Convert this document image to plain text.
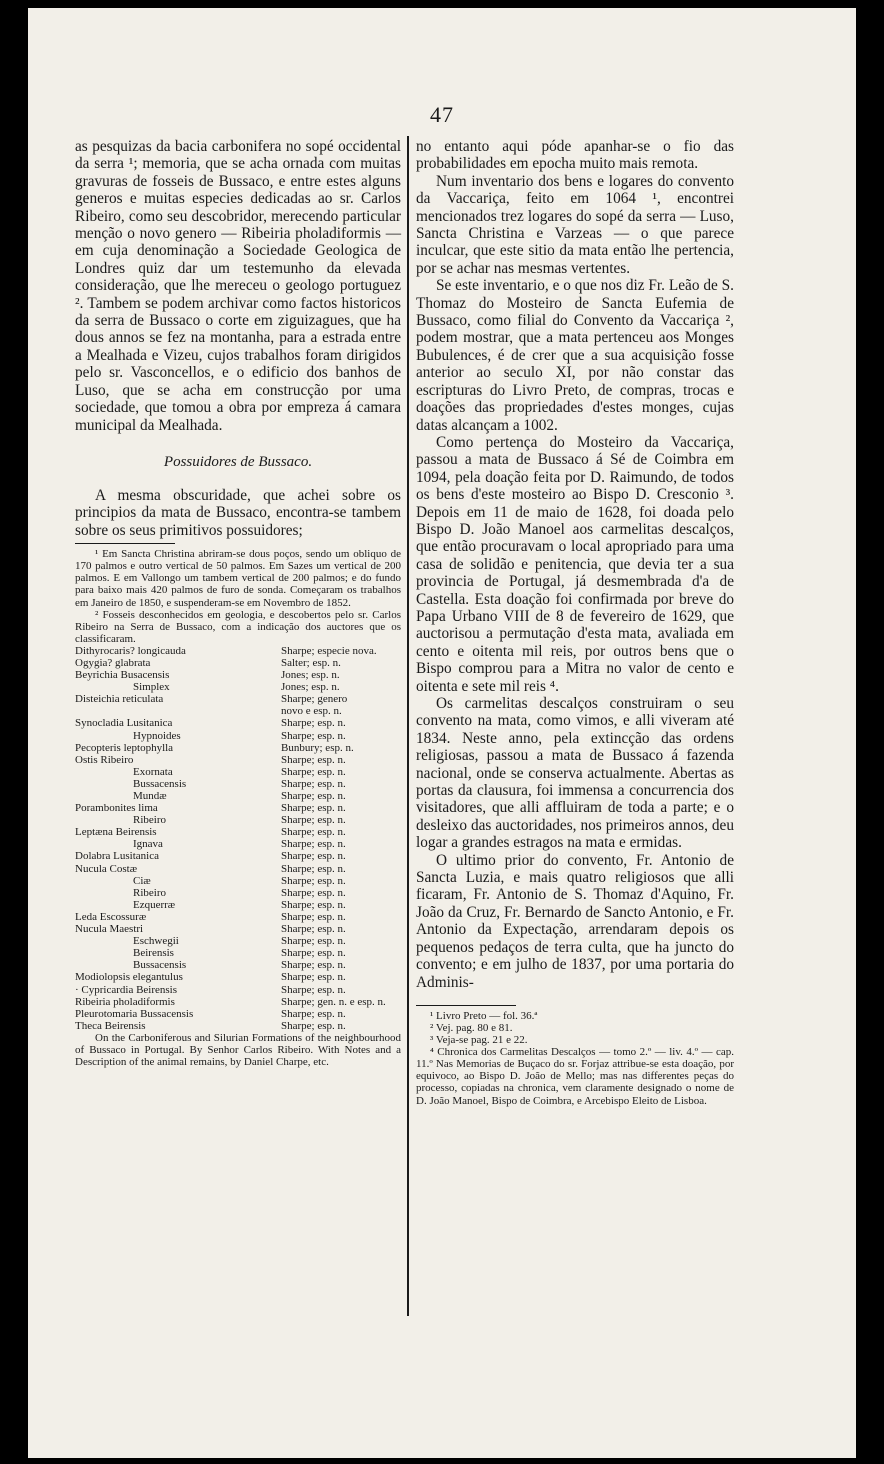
47

as pesquizas da bacia carbonifera no sopé occidental da serra ¹; memoria, que se acha ornada com muitas gravuras de fosseis de Bussaco, e entre estes alguns generos e muitas especies dedicadas ao sr. Carlos Ribeiro, como seu descobridor, merecendo particular menção o novo genero — Ribeiria pholadiformis — em cuja denominação a Sociedade Geologica de Londres quiz dar um testemunho da elevada consideração, que lhe mereceu o geologo portuguez ². Tambem se podem archivar como factos historicos da serra de Bussaco o corte em ziguizagues, que ha dous annos se fez na montanha, para a estrada entre a Mealhada e Vizeu, cujos trabalhos foram dirigidos pelo sr. Vasconcellos, e o edificio dos banhos de Luso, que se acha em construcção por uma sociedade, que tomou a obra por empreza á camara municipal da Mealhada.

Possuidores de Bussaco.

A mesma obscuridade, que achei sobre os principios da mata de Bussaco, encontra-se tambem sobre os seus primitivos possuidores;

¹ Em Sancta Christina abriram-se dous poços, sendo um obliquo de 170 palmos e outro vertical de 50 palmos. Em Sazes um vertical de 200 palmos. E em Vallongo um tambem vertical de 200 palmos; e do fundo para baixo mais 420 palmos de furo de sonda. Começaram os trabalhos em Janeiro de 1850, e suspenderam-se em Novembro de 1852.

² Fosseis desconhecidos em geologia, e descobertos pelo sr. Carlos Ribeiro na Serra de Bussaco, com a indicação dos auctores que os classificaram.

Dithyrocaris? longicauda	Sharpe; especie nova.
Ogygia? glabrata	Salter; esp. n.
Beyrichia Busacensis	Jones; esp. n.
Simplex	Jones; esp. n.
Disteichia reticulata	Sharpe; genero
	novo e esp. n.
Synocladia Lusitanica	Sharpe; esp. n.
Hypnoides	Sharpe; esp. n.
Pecopteris leptophylla	Bunbury; esp. n.
Ostis Ribeiro	Sharpe; esp. n.
Exornata	Sharpe; esp. n.
Bussacensis	Sharpe; esp. n.
Mundæ	Sharpe; esp. n.
Porambonites lima	Sharpe; esp. n.
Ribeiro	Sharpe; esp. n.
Leptæna Beirensis	Sharpe; esp. n.
Ignava	Sharpe; esp. n.
Dolabra Lusitanica	Sharpe; esp. n.
Nucula Costæ	Sharpe; esp. n.
Ciæ	Sharpe; esp. n.
Ribeiro	Sharpe; esp. n.
Ezquerræ	Sharpe; esp. n.
Leda Escossuræ	Sharpe; esp. n.
Nucula Maestri	Sharpe; esp. n.
Eschwegii	Sharpe; esp. n.
Beirensis	Sharpe; esp. n.
Bussacensis	Sharpe; esp. n.
Modiolopsis elegantulus	Sharpe; esp. n.
· Cypricardia Beirensis	Sharpe; esp. n.
Ribeiria pholadiformis	Sharpe; gen. n. e esp. n.
Pleurotomaria Bussacensis	Sharpe; esp. n.
Theca Beirensis	Sharpe; esp. n.

On the Carboniferous and Silurian Formations of the neighbourhood of Bussaco in Portugal. By Senhor Carlos Ribeiro. With Notes and a Description of the animal remains, by Daniel Charpe, etc.

no entanto aqui póde apanhar-se o fio das probabilidades em epocha muito mais remota.

Num inventario dos bens e logares do convento da Vaccariça, feito em 1064 ¹, encontrei mencionados trez logares do sopé da serra — Luso, Sancta Christina e Varzeas — o que parece inculcar, que este sitio da mata então lhe pertencia, por se achar nas mesmas vertentes.

Se este inventario, e o que nos diz Fr. Leão de S. Thomaz do Mosteiro de Sancta Eufemia de Bussaco, como filial do Convento da Vaccariça ², podem mostrar, que a mata pertenceu aos Monges Bubulences, é de crer que a sua acquisição fosse anterior ao seculo XI, por não constar das escripturas do Livro Preto, de compras, trocas e doações das propriedades d'estes monges, cujas datas alcançam a 1002.

Como pertença do Mosteiro da Vaccariça, passou a mata de Bussaco á Sé de Coimbra em 1094, pela doação feita por D. Raimundo, de todos os bens d'este mosteiro ao Bispo D. Cresconio ³. Depois em 11 de maio de 1628, foi doada pelo Bispo D. João Manoel aos carmelitas descalços, que então procuravam o local apropriado para uma casa de solidão e penitencia, que devia ter a sua provincia de Portugal, já desmembrada d'a de Castella. Esta doação foi confirmada por breve do Papa Urbano VIII de 8 de fevereiro de 1629, que auctorisou a permutação d'esta mata, avaliada em cento e oitenta mil reis, por outros bens que o Bispo comprou para a Mitra no valor de cento e oitenta e sete mil reis ⁴.

Os carmelitas descalços construiram o seu convento na mata, como vimos, e alli viveram até 1834. Neste anno, pela extincção das ordens religiosas, passou a mata de Bussaco á fazenda nacional, onde se conserva actualmente. Abertas as portas da clausura, foi immensa a concurrencia dos visitadores, que alli affluiram de toda a parte; e o desleixo das auctoridades, nos primeiros annos, deu logar a grandes estragos na mata e ermidas.

O ultimo prior do convento, Fr. Antonio de Sancta Luzia, e mais quatro religiosos que alli ficaram, Fr. Antonio de S. Thomaz d'Aquino, Fr. João da Cruz, Fr. Bernardo de Sancto Antonio, e Fr. Antonio da Expectação, arrendaram depois os pequenos pedaços de terra culta, que ha juncto do convento; e em julho de 1837, por uma portaria do Adminis-

¹ Livro Preto — fol. 36.ª

² Vej. pag. 80 e 81.

³ Veja-se pag. 21 e 22.

⁴ Chronica dos Carmelitas Descalços — tomo 2.º — liv. 4.º — cap. 11.º Nas Memorias de Buçaco do sr. Forjaz attribue-se esta doação, por equivoco, ao Bispo D. João de Mello; mas nas differentes peças do processo, copiadas na chronica, vem claramente designado o nome de D. João Manoel, Bispo de Coimbra, e Arcebispo Eleito de Lisboa.
